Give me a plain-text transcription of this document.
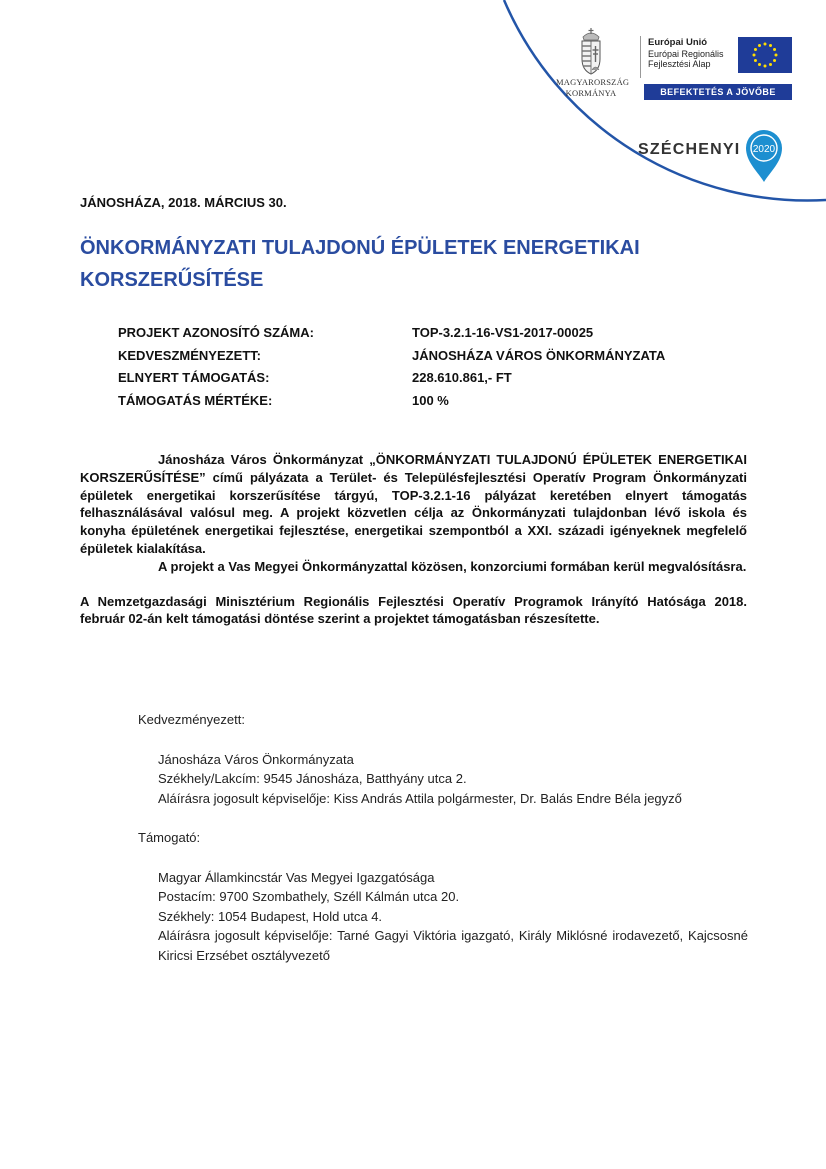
MAGYARORSZÁG
KORMÁNYA
Európai Unió
Európai Regionális
Fejlesztési Alap
BEFEKTETÉS A JÖVŐBE
SZÉCHENYI 2020
JÁNOSHÁZA, 2018. MÁRCIUS 30.
ÖNKORMÁNYZATI TULAJDONÚ ÉPÜLETEK ENERGETIKAI KORSZERŰSÍTÉSE
PROJEKT AZONOSÍTÓ SZÁMA:	TOP-3.2.1-16-VS1-2017-00025
KEDVESZMÉNYEZETT:	JÁNOSHÁZA VÁROS ÖNKORMÁNYZATA
ELNYERT TÁMOGATÁS:	228.610.861,- FT
TÁMOGATÁS MÉRTÉKE:	100 %

Jánosháza Város Önkormányzat „ÖNKORMÁNYZATI TULAJDONÚ ÉPÜLETEK ENERGETIKAI KORSZERŰSÍTÉSE” című pályázata a Terület- és Településfejlesztési Operatív Program Önkormányzati épületek energetikai korszerűsítése tárgyú, TOP-3.2.1-16 pályázat keretében elnyert támogatás felhasználásával valósul meg. A projekt közvetlen célja az Önkormányzati tulajdonban lévő iskola és konyha épületének energetikai fejlesztése, energetikai szempontból a XXI. századi igényeknek megfelelő épületek kialakítása.

A projekt a Vas Megyei Önkormányzattal közösen, konzorciumi formában kerül megvalósításra.

A Nemzetgazdasági Minisztérium Regionális Fejlesztési Operatív Programok Irányító Hatósága 2018. február 02-án kelt támogatási döntése szerint a projektet támogatásban részesítette.

Kedvezményezett:
Jánosháza Város Önkormányzata
Székhely/Lakcím: 9545 Jánosháza, Batthyány utca 2.
Aláírásra jogosult képviselője: Kiss András Attila polgármester, Dr. Balás Endre Béla jegyző
Támogató:
Magyar Államkincstár Vas Megyei Igazgatósága
Postacím: 9700 Szombathely, Széll Kálmán utca 20.
Székhely: 1054 Budapest, Hold utca 4.
Aláírásra jogosult képviselője: Tarné Gagyi Viktória igazgató, Király Miklósné irodavezető, Kajcsosné Kiricsi Erzsébet osztályvezető
